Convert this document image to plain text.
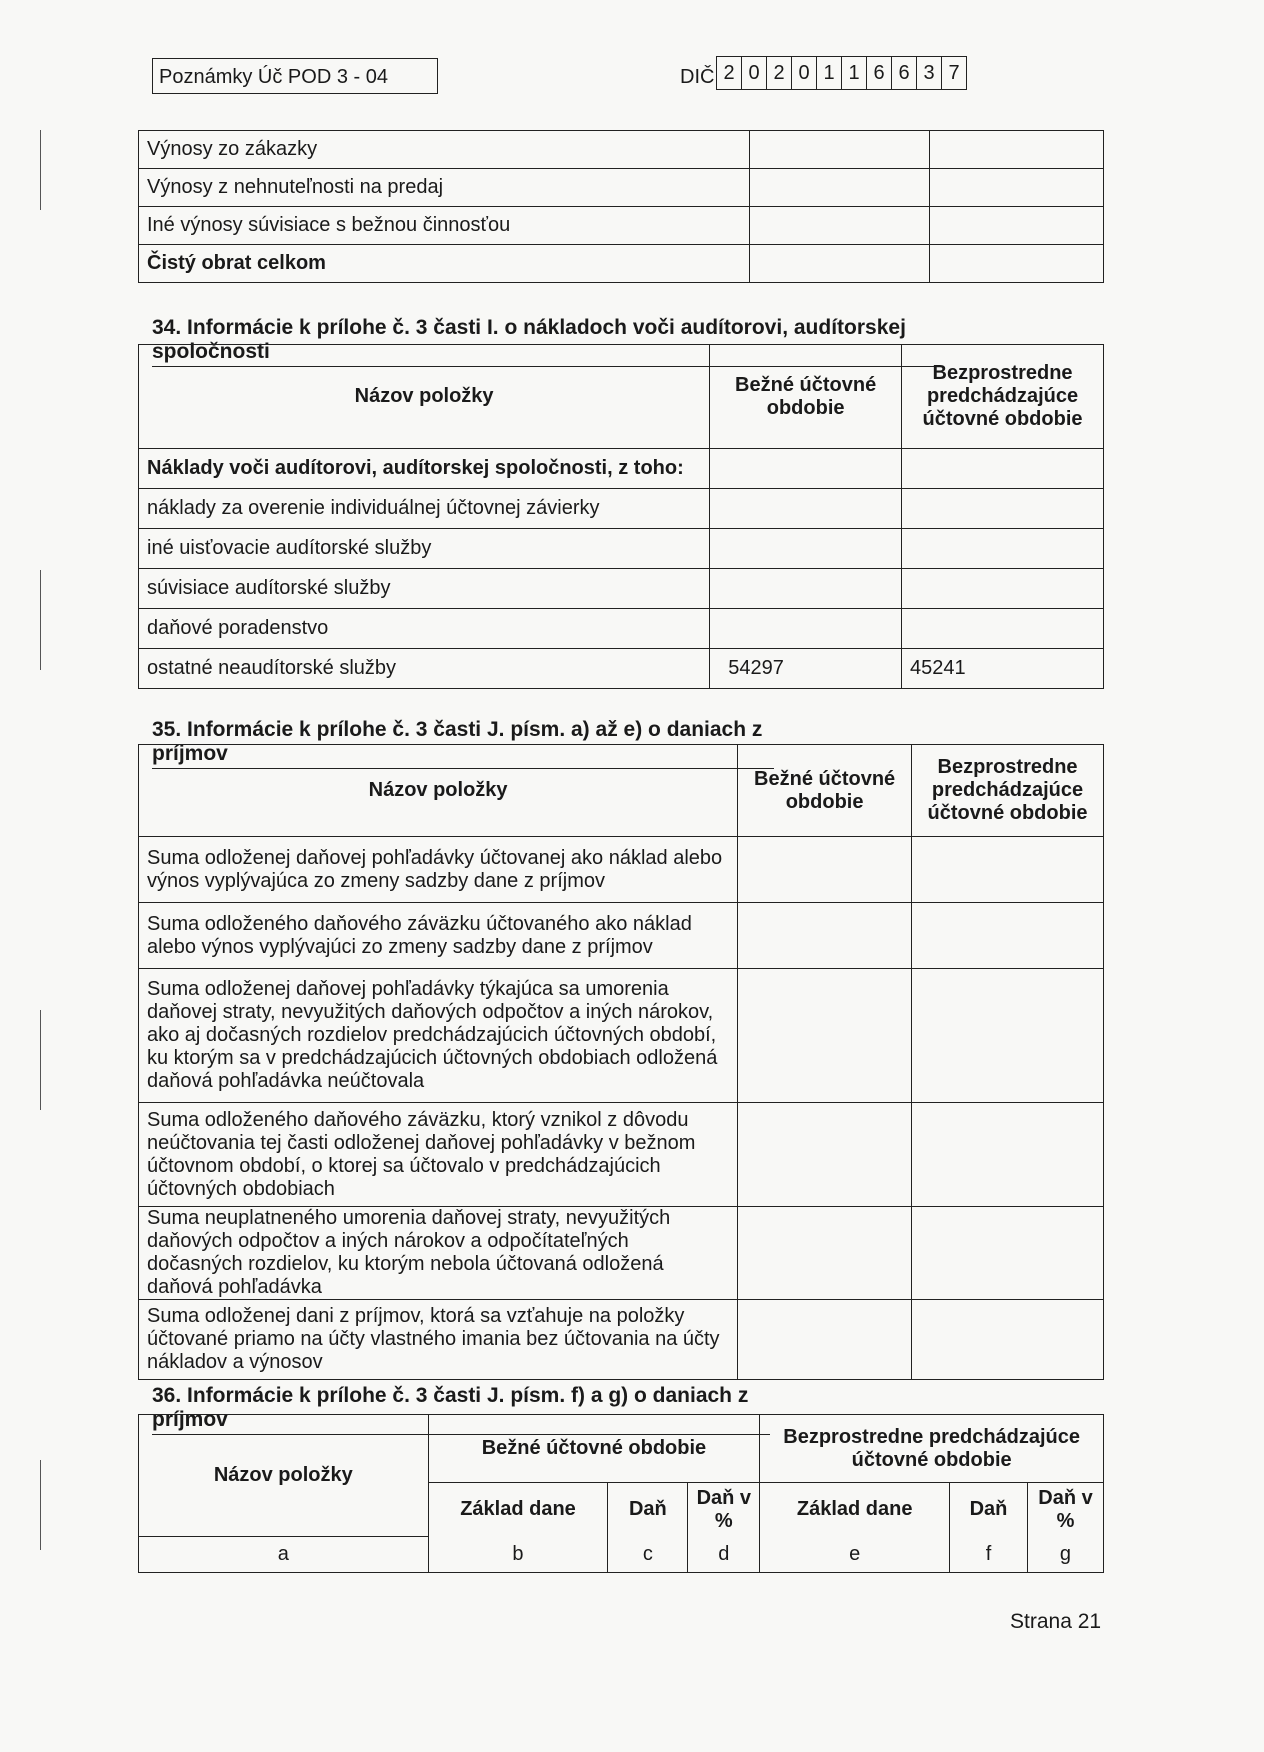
Poznámky Úč POD 3 - 04	DIČ 2 0 2 0 1 1 6 6 3 7
Výnosy zo zákazky		
Výnosy z nehnuteľnosti na predaj		
Iné výnosy súvisiace s bežnou činnosťou		
Čistý obrat celkom		
34. Informácie k prílohe č. 3 časti I. o nákladoch voči audítorovi, audítorskej spoločnosti
Názov položky	Bežné účtovné obdobie	Bezprostredne predchádzajúce účtovné obdobie
Náklady voči audítorovi, audítorskej spoločnosti, z toho:		
náklady za overenie individuálnej účtovnej závierky		
iné uisťovacie audítorské služby		
súvisiace audítorské služby		
daňové poradenstvo		
ostatné neaudítorské služby	54297	45241
35. Informácie k prílohe č. 3 časti J. písm. a) až e) o daniach z príjmov
Názov položky	Bežné účtovné obdobie	Bezprostredne predchádzajúce účtovné obdobie
Suma odloženej daňovej pohľadávky účtovanej ako náklad alebo výnos vyplývajúca zo zmeny sadzby dane z príjmov		
Suma odloženého daňového záväzku účtovaného ako náklad alebo výnos vyplývajúci zo zmeny sadzby dane z príjmov		
Suma odloženej daňovej pohľadávky týkajúca sa umorenia daňovej straty, nevyužitých daňových odpočtov a iných nárokov, ako aj dočasných rozdielov predchádzajúcich účtovných období, ku ktorým sa v predchádzajúcich účtovných obdobiach odložená daňová pohľadávka neúčtovala		
Suma odloženého daňového záväzku, ktorý vznikol z dôvodu neúčtovania tej časti odloženej daňovej pohľadávky v bežnom účtovnom období, o ktorej sa účtovalo v predchádzajúcich účtovných obdobiach		
Suma neuplatneného umorenia daňovej straty, nevyužitých daňových odpočtov a iných nárokov a odpočítateľných dočasných rozdielov, ku ktorým nebola účtovaná odložená daňová pohľadávka		
Suma odloženej dani z príjmov, ktorá sa vzťahuje na položky účtované priamo na účty vlastného imania bez účtovania na účty nákladov a výnosov		
36. Informácie k prílohe č. 3 časti J. písm. f) a g) o daniach z príjmov
Názov položky	Bežné účtovné obdobie			Bezprostredne predchádzajúce účtovné obdobie		
	Základ dane	Daň	Daň v %	Základ dane	Daň	Daň v %
a	b	c	d	e	f	g
Strana 21
